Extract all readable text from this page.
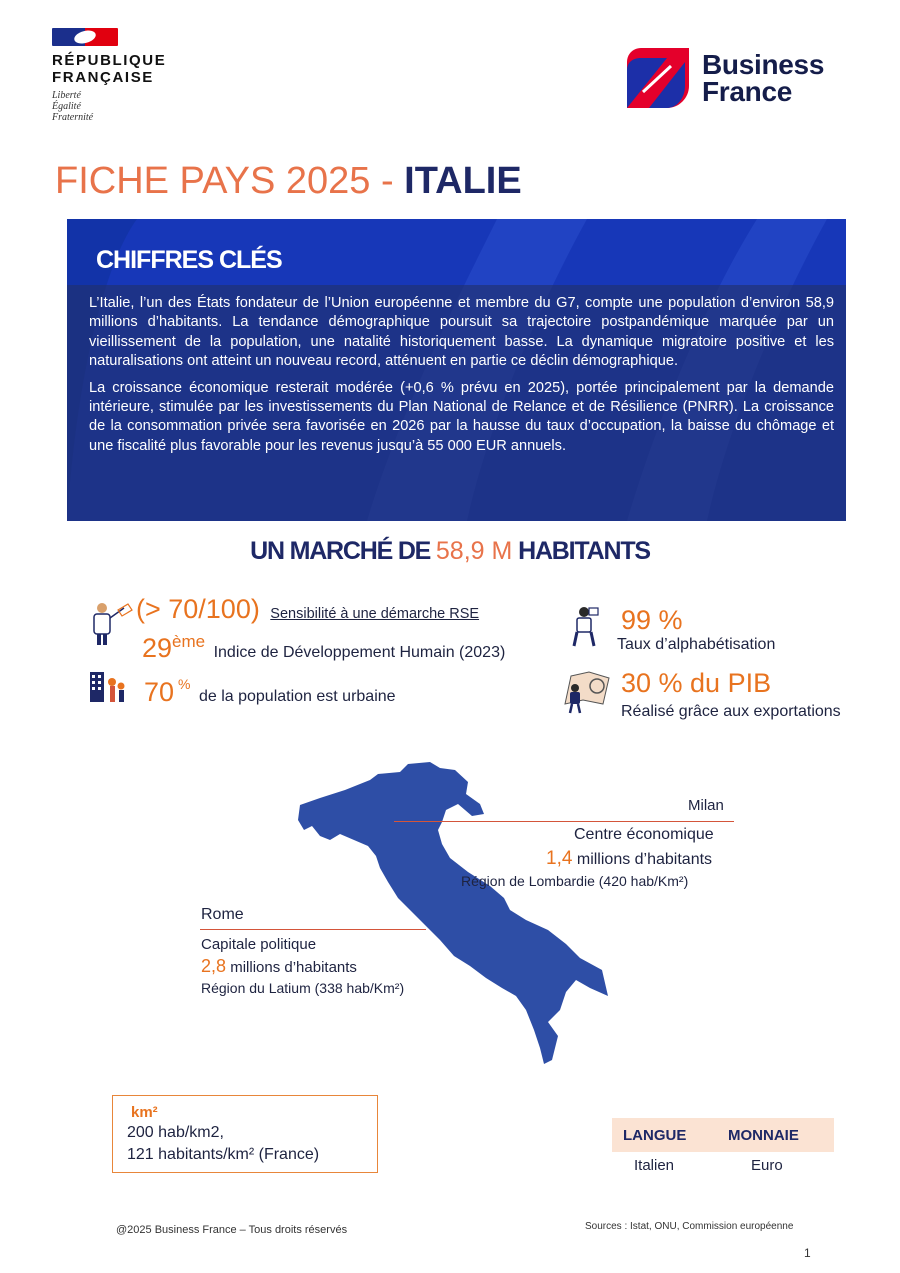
RÉPUBLIQUE
FRANÇAISE
Liberté
Égalité
Fraternité
Business
France
FICHE PAYS 2025 - ITALIE
CHIFFRES CLÉS

L’Italie, l’un des États fondateur de l’Union européenne et membre du G7, compte une population d’environ 58,9 millions d’habitants. La tendance démographique poursuit sa trajectoire postpandémique marquée par un vieillissement de la population, une natalité historiquement basse. La dynamique migratoire positive et les naturalisations ont atteint un nouveau record, atténuent en partie ce déclin démographique.

La croissance économique resterait modérée (+0,6 % prévu en 2025), portée principalement par la demande intérieure, stimulée par les investissements du Plan National de Relance et de Résilience (PNRR). La croissance de la consommation privée sera favorisée en 2026 par la hausse du taux d’occupation, la baisse du chômage et une fiscalité plus favorable pour les revenus jusqu’à 55 000 EUR annuels.

UN MARCHÉ DE 58,9 M HABITANTS
(> 70/100) Sensibilité à une démarche RSE
29ème Indice de Développement Humain (2023)
70 % de la population est urbaine
99 %
Taux d’alphabétisation
30 % du PIB
Réalisé grâce aux exportations
Milan
Centre économique
1,4 millions d’habitants
Région de Lombardie (420 hab/Km²)
Rome
Capitale politique
2,8 millions d’habitants
Région du Latium (338 hab/Km²)
km²
200 hab/km2,
121 habitants/km² (France)
LANGUE	MONNAIE
Italien	Euro
@2025 Business France – Tous droits réservés	Sources : Istat, ONU, Commission européenne
1
